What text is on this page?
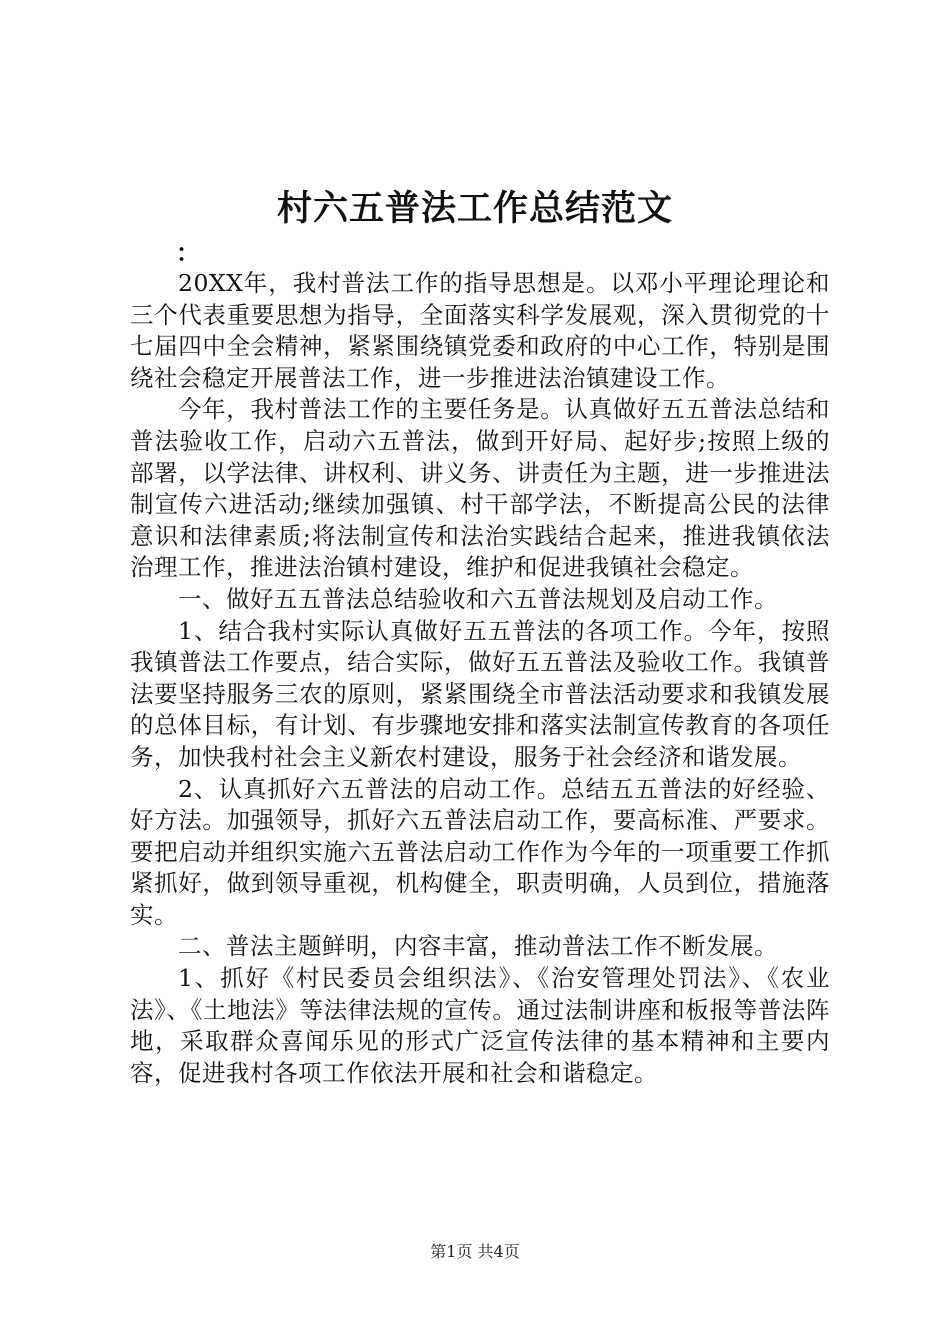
村六五普法工作总结范文
：

20XX年，我村普法工作的指导思想是。以邓小平理论理论和三个代表重要思想为指导，全面落实科学发展观，深入贯彻党的十七届四中全会精神，紧紧围绕镇党委和政府的中心工作，特别是围绕社会稳定开展普法工作，进一步推进法治镇建设工作。

今年，我村普法工作的主要任务是。认真做好五五普法总结和普法验收工作，启动六五普法，做到开好局、起好步;按照上级的部署，以学法律、讲权利、讲义务、讲责任为主题，进一步推进法制宣传六进活动;继续加强镇、村干部学法，不断提高公民的法律意识和法律素质;将法制宣传和法治实践结合起来，推进我镇依法治理工作，推进法治镇村建设，维护和促进我镇社会稳定。

一、做好五五普法总结验收和六五普法规划及启动工作。

1、结合我村实际认真做好五五普法的各项工作。今年，按照我镇普法工作要点，结合实际，做好五五普法及验收工作。我镇普法要坚持服务三农的原则，紧紧围绕全市普法活动要求和我镇发展的总体目标，有计划、有步骤地安排和落实法制宣传教育的各项任务，加快我村社会主义新农村建设，服务于社会经济和谐发展。

2、认真抓好六五普法的启动工作。总结五五普法的好经验、好方法。加强领导，抓好六五普法启动工作，要高标准、严要求。要把启动并组织实施六五普法启动工作作为今年的一项重要工作抓紧抓好，做到领导重视，机构健全，职责明确，人员到位，措施落实。

二、普法主题鲜明，内容丰富，推动普法工作不断发展。

1、抓好《村民委员会组织法》、《治安管理处罚法》、《农业法》、《土地法》等法律法规的宣传。通过法制讲座和板报等普法阵地，采取群众喜闻乐见的形式广泛宣传法律的基本精神和主要内容，促进我村各项工作依法开展和社会和谐稳定。

第1页 共4页
